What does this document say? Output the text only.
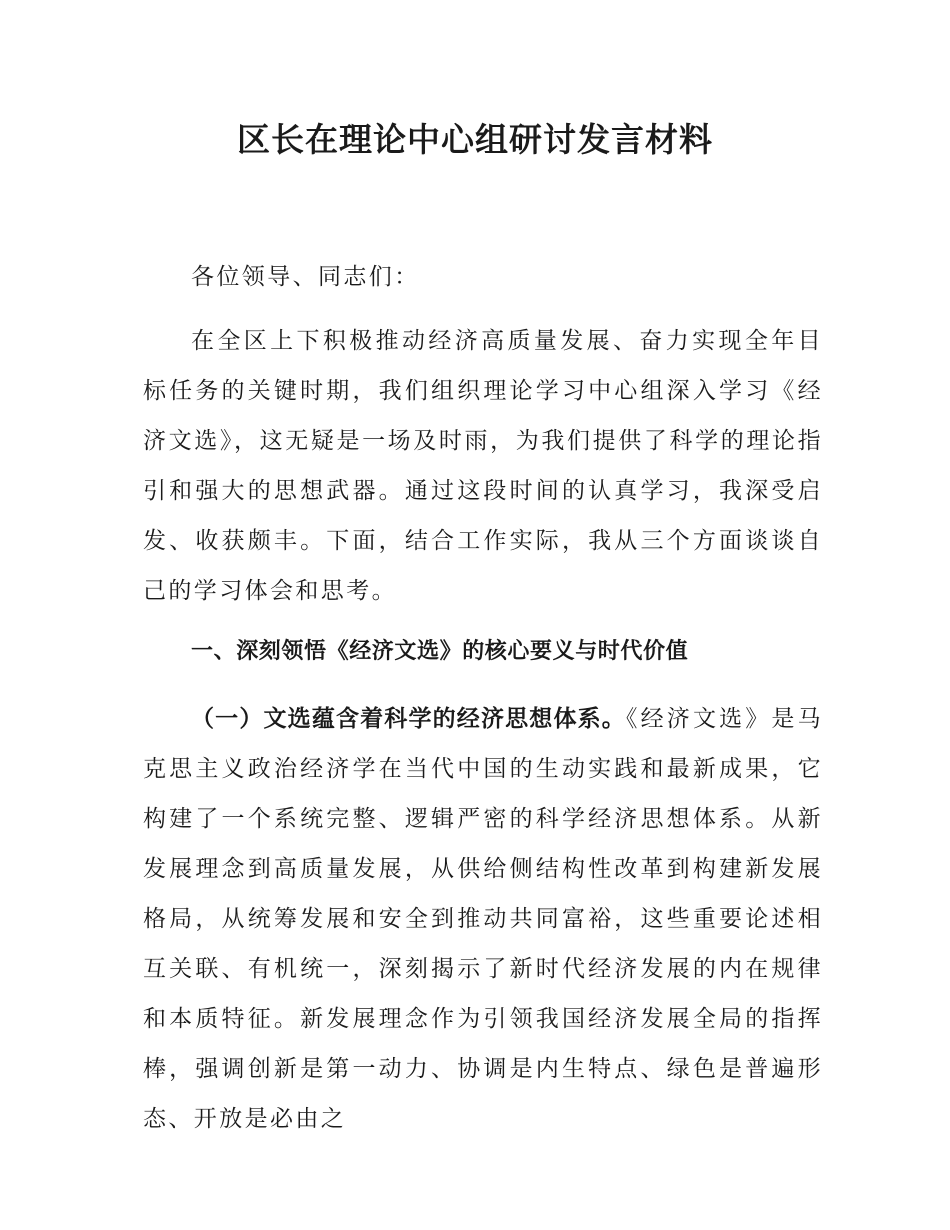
区长在理论中心组研讨发言材料

各位领导、同志们：

在全区上下积极推动经济高质量发展、奋力实现全年目标任务的关键时期，我们组织理论学习中心组深入学习《经济文选》，这无疑是一场及时雨，为我们提供了科学的理论指引和强大的思想武器。通过这段时间的认真学习，我深受启发、收获颇丰。下面，结合工作实际，我从三个方面谈谈自己的学习体会和思考。

一、深刻领悟《经济文选》的核心要义与时代价值

（一）文选蕴含着科学的经济思想体系。《经济文选》是马克思主义政治经济学在当代中国的生动实践和最新成果，它构建了一个系统完整、逻辑严密的科学经济思想体系。从新发展理念到高质量发展，从供给侧结构性改革到构建新发展格局，从统筹发展和安全到推动共同富裕，这些重要论述相互关联、有机统一，深刻揭示了新时代经济发展的内在规律和本质特征。新发展理念作为引领我国经济发展全局的指挥棒，强调创新是第一动力、协调是内生特点、绿色是普遍形态、开放是必由之
